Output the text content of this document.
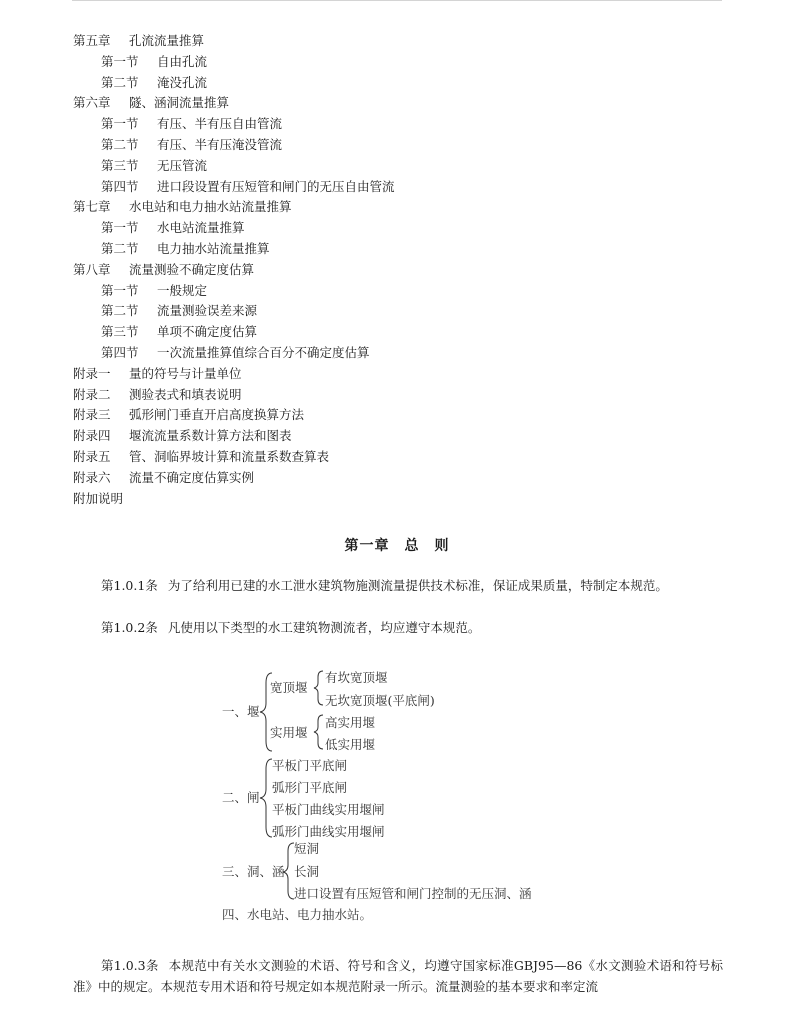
第五章 孔流流量推算
第一节 自由孔流
第二节 淹没孔流
第六章 隧、涵洞流量推算
第一节 有压、半有压自由管流
第二节 有压、半有压淹没管流
第三节 无压管流
第四节 进口段设置有压短管和闸门的无压自由管流
第七章 水电站和电力抽水站流量推算
第一节 水电站流量推算
第二节 电力抽水站流量推算
第八章 流量测验不确定度估算
第一节 一般规定
第二节 流量测验误差来源
第三节 单项不确定度估算
第四节 一次流量推算值综合百分不确定度估算
附录一 量的符号与计量单位
附录二 测验表式和填表说明
附录三 弧形闸门垂直开启高度换算方法
附录四 堰流流量系数计算方法和图表
附录五 管、洞临界坡计算和流量系数查算表
附录六 流量不确定度估算实例
附加说明
第一章　总　则
第1.0.1条 为了给利用已建的水工泄水建筑物施测流量提供技术标准，保证成果质量，特制定本规范。
第1.0.2条 凡使用以下类型的水工建筑物测流者，均应遵守本规范。
一、堰
宽顶堰
有坎宽顶堰
无坎宽顶堰(平底闸)
实用堰
高实用堰
低实用堰
二、闸
平板门平底闸
弧形门平底闸
平板门曲线实用堰闸
弧形门曲线实用堰闸
三、洞、涵
短洞
长洞
进口设置有压短管和闸门控制的无压洞、涵
四、水电站、电力抽水站。
第1.0.3条 本规范中有关水文测验的术语、符号和含义，均遵守国家标准GBJ95—86《水文测验术语和符号标准》中的规定。本规范专用术语和符号规定如本规范附录一所示。流量测验的基本要求和率定流
